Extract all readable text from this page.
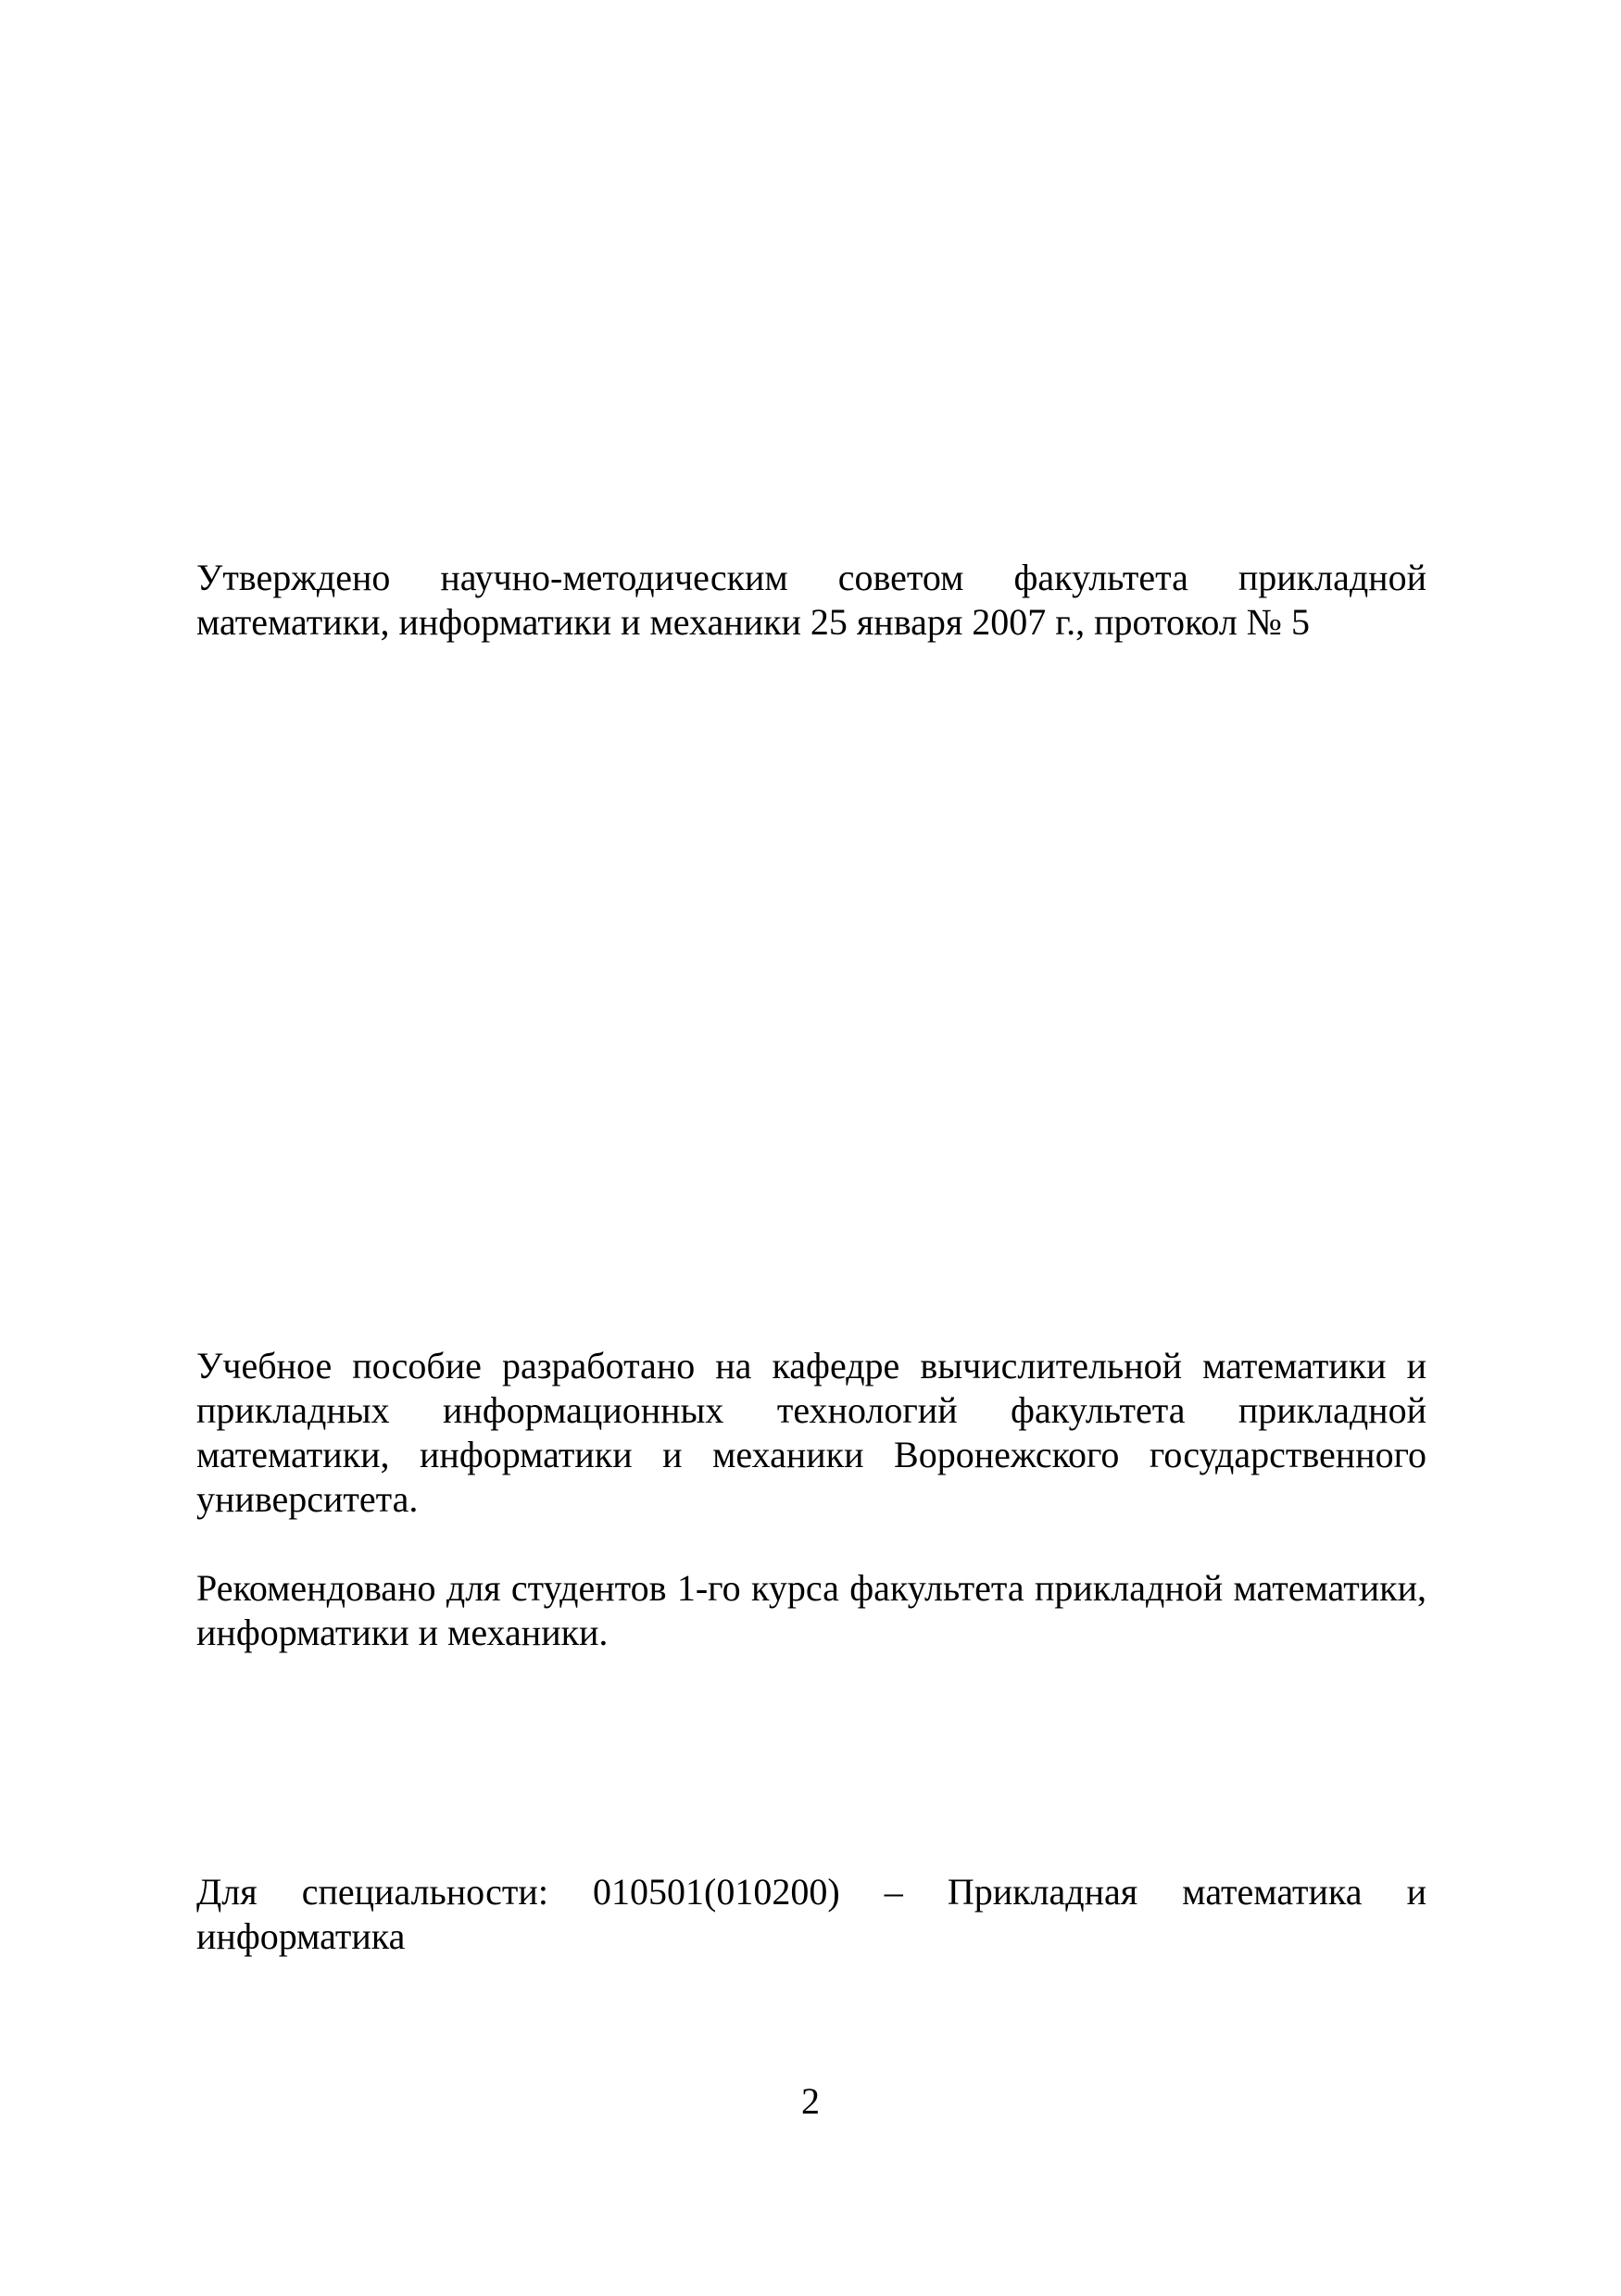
Утверждено научно-методическим советом факультета прикладной математики, информатики и механики 25 января 2007 г., протокол № 5

Учебное пособие разработано на кафедре вычислительной математики и прикладных информационных технологий факультета прикладной математики, информатики и механики Воронежского государственного университета.

Рекомендовано для студентов 1-го курса факультета прикладной математики, информатики и механики.

Для специальности: 010501(010200) – Прикладная математика и информатика

2
